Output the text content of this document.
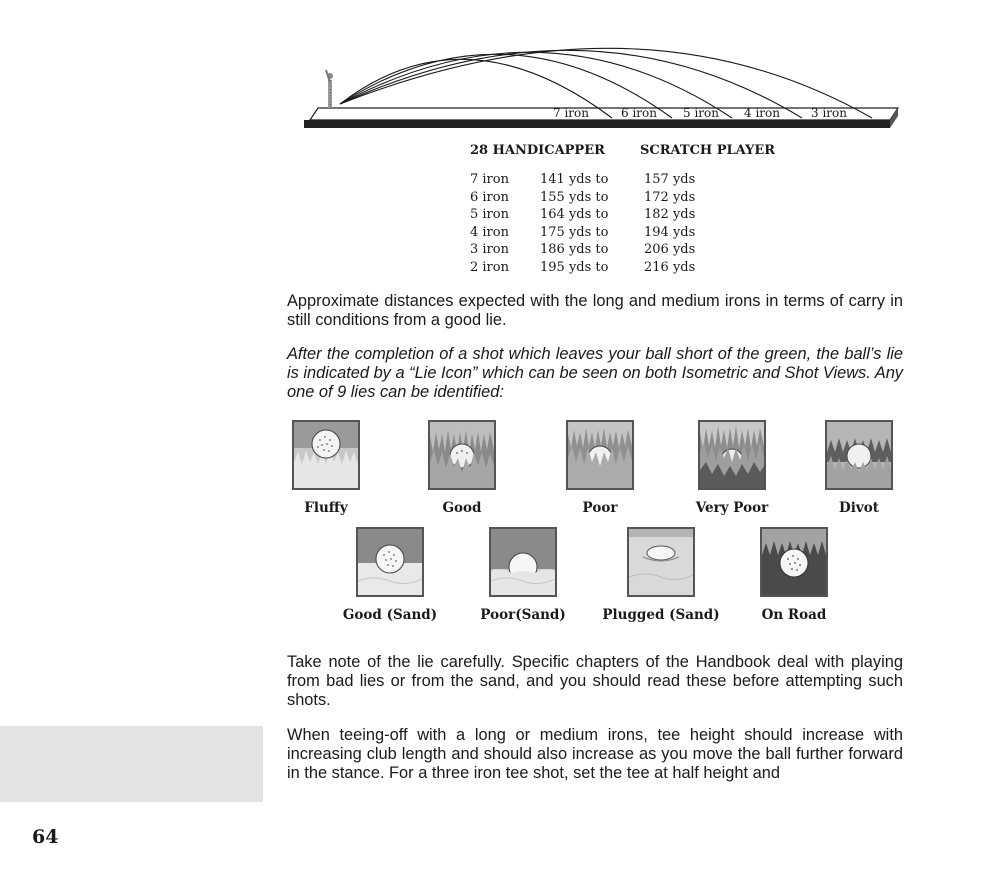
7 iron	6 iron 5 iron 4 iron	3 iron
28 HANDICAPPER	SCRATCH PLAYER
7 iron 141 yds to	157 yds
6 iron 155 yds to	172 yds
5 iron 164 yds to	182 yds
4 iron 175 yds to	194 yds
3 iron 186 yds to	206 yds
2 iron 195 yds to	216 yds

Approximate distances expected with the long and medium irons in terms of carry in still conditions from a good lie.

After the completion of a shot which leaves your ball short of the green, the ball’s lie is indicated by a “Lie Icon” which can be seen on both Isometric and Shot Views. Any one of 9 lies can be identified:

Fluffy	Good	Poor	Very Poor	Divot
Good (Sand)	Poor(Sand)	Plugged (Sand)	On Road

Take note of the lie carefully. Specific chapters of the Handbook deal with playing from bad lies or from the sand, and you should read these before attempting such shots.

When teeing-off with a long or medium irons, tee height should increase with increasing club length and should also increase as you move the ball further forward in the stance. For a three iron tee shot, set the tee at half height and

64
